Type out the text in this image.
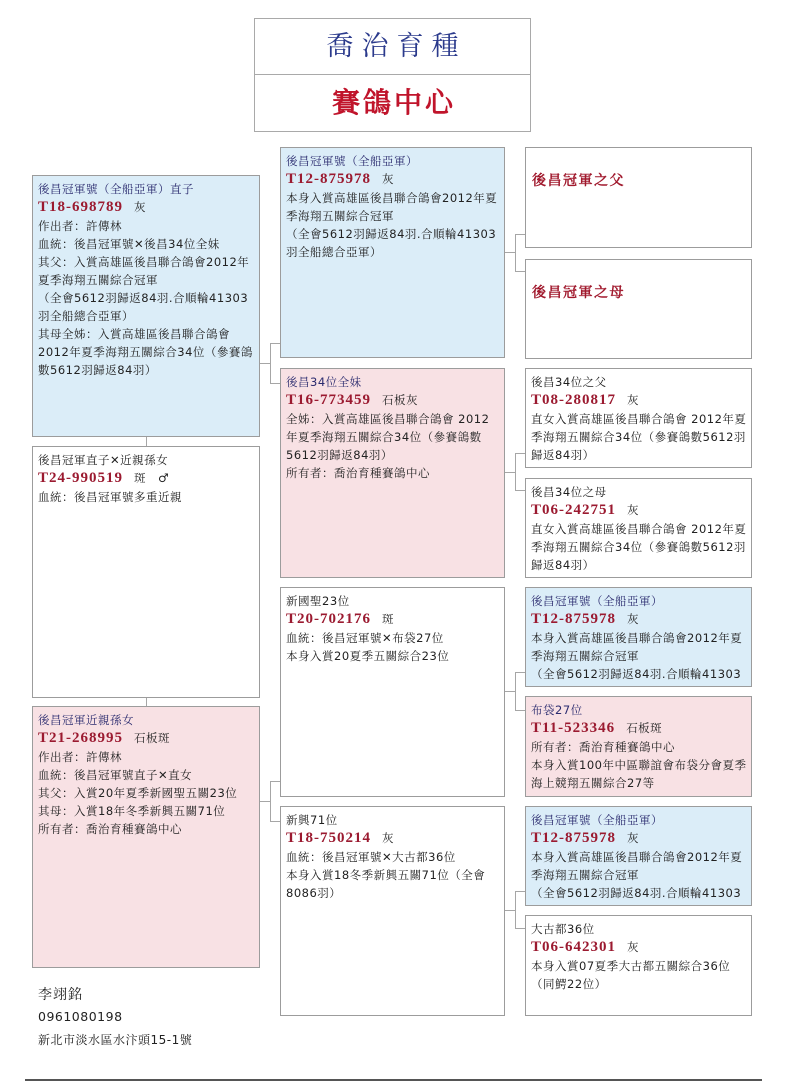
喬治育種
賽鴿中心
後昌冠軍號（全船亞軍）直子
T18-698789 灰
作出者：許傳林
血統：後昌冠軍號✕後昌34位全妹
其父：入賞高雄區後昌聯合鴿會2012年夏季海翔五關綜合冠軍
（全會5612羽歸返84羽.合順輪41303羽全船總合亞軍）
其母全姊：入賞高雄區後昌聯合鴿會2012年夏季海翔五關綜合34位（參賽鴿數5612羽歸返84羽）
後昌冠軍直子✕近親孫女
T24-990519 斑 ♂
血統：後昌冠軍號多重近親
後昌冠軍近親孫女
T21-268995 石板斑
作出者：許傳林
血統：後昌冠軍號直子✕直女
其父：入賞20年夏季新國聖五關23位
其母：入賞18年冬季新興五關71位
所有者：喬治育種賽鴿中心
後昌冠軍號（全船亞軍）
T12-875978 灰
本身入賞高雄區後昌聯合鴿會2012年夏季海翔五關綜合冠軍
（全會5612羽歸返84羽.合順輪41303羽全船總合亞軍）
後昌34位全妹
T16-773459 石板灰
全姊：入賞高雄區後昌聯合鴿會 2012年夏季海翔五關綜合34位（參賽鴿數5612羽歸返84羽）
所有者：喬治育種賽鴿中心
新國聖23位
T20-702176 斑
血統：後昌冠軍號✕布袋27位
本身入賞20夏季五關綜合23位
新興71位
T18-750214 灰
血統：後昌冠軍號✕大古都36位
本身入賞18冬季新興五關71位（全會8086羽）
後昌冠軍之父
後昌冠軍之母
後昌34位之父
T08-280817 灰
直女入賞高雄區後昌聯合鴿會 2012年夏季海翔五關綜合34位（參賽鴿數5612羽歸返84羽）
後昌34位之母
T06-242751 灰
直女入賞高雄區後昌聯合鴿會 2012年夏季海翔五關綜合34位（參賽鴿數5612羽歸返84羽）
後昌冠軍號（全船亞軍）
T12-875978 灰
本身入賞高雄區後昌聯合鴿會2012年夏季海翔五關綜合冠軍
（全會5612羽歸返84羽.合順輪41303
布袋27位
T11-523346 石板斑
所有者：喬治育種賽鴿中心
本身入賞100年中區聯誼會布袋分會夏季海上競翔五關綜合27等
後昌冠軍號（全船亞軍）
T12-875978 灰
本身入賞高雄區後昌聯合鴿會2012年夏季海翔五關綜合冠軍
（全會5612羽歸返84羽.合順輪41303
大古都36位
T06-642301 灰
本身入賞07夏季大古都五關綜合36位（同鰐22位）
李翊銘
0961080198
新北市淡水區水汴頭15-1號
